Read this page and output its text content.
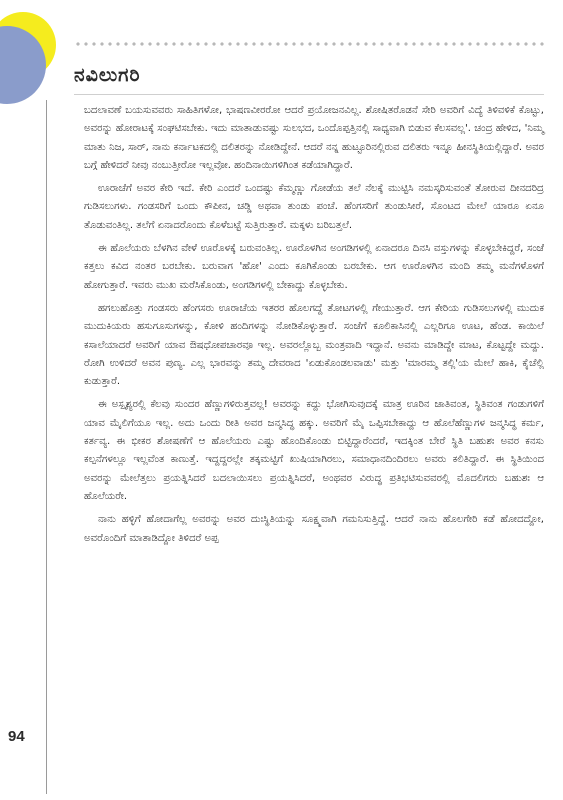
ನವಿಲುಗರಿ
94

ಬದಲಾವಣೆ ಬಯಸುವವರು ಸಾಹಿತಿಗಳೋ, ಭಾಷಣವೀರರೋ ಆದರೆ ಪ್ರಯೋಜನವಿಲ್ಲ. ಶೋಷಿತರೊಡನೆ ಸೇರಿ ಅವರಿಗೆ ವಿದ್ಯೆ ತಿಳಿವಳಿಕೆ ಕೊಟ್ಟು, ಅವರನ್ನು ಹೋರಾಟಕ್ಕೆ ಸಂಘಟಿಸಬೇಕು. ಇದು ಮಾತಾಡುವಷ್ಟು ಸುಲಭದ, ಒಂದೊಪ್ಪತ್ತಿನಲ್ಲಿ ಸಾಧ್ಯವಾಗಿ ಬಿಡುವ ಕೆಲಸವಲ್ಲ'. ಚಂದ್ರ ಹೇಳಿದ, 'ನಿಮ್ಮ ಮಾತು ನಿಜ, ಸಾರ್, ನಾನು ಕರ್ನಾಟಕದಲ್ಲಿ ದಲಿತರನ್ನು ನೋಡಿದ್ದೇನೆ. ಆದರೆ ನನ್ನ ಹುಟ್ಟೂರಿನಲ್ಲಿರುವ ದಲಿತರು ಇನ್ನೂ ಹೀನಸ್ಥಿತಿಯಲ್ಲಿದ್ದಾರೆ. ಅವರ ಬಗ್ಗೆ ಹೇಳಿದರೆ ನೀವು ನಂಬುತ್ತೀರೋ ಇಲ್ಲವೋ. ಹಂದಿನಾಯಿಗಳಿಗಿಂತ ಕಡೆಯಾಗಿದ್ದಾರೆ.

ಊರಾಚೆಗೆ ಅವರ ಕೇರಿ ಇದೆ. ಕೇರಿ ಎಂದರೆ ಒಂದಷ್ಟು ಕೆಮ್ಮಣ್ಣು ಗೋಡೆಯ ತಲೆ ನೆಲಕ್ಕೆ ಮುಟ್ಟಿಸಿ ನಮಸ್ಕರಿಸುವಂತೆ ತೋರುವ ದೀನದರಿದ್ರ ಗುಡಿಸಲುಗಳು. ಗಂಡಸರಿಗೆ ಒಂದು ಕೌಪೀನ, ಚಡ್ಡಿ ಅಥವಾ ತುಂಡು ಪಂಚೆ. ಹೆಂಗಸರಿಗೆ ತುಂಡುಸೀರೆ, ಸೊಂಟದ ಮೇಲೆ ಯಾರೂ ಏನೂ ತೊಡುವಂತಿಲ್ಲ. ತಲೆಗೆ ಏನಾದರೊಂದು ಕೊಳೆಬಟ್ಟೆ ಸುತ್ತಿರುತ್ತಾರೆ. ಮಕ್ಕಳು ಬರಿಬತ್ತಲೆ.

ಈ ಹೊಲೆಯರು ಬೆಳಗಿನ ವೇಳೆ ಊರೊಳಕ್ಕೆ ಬರುವಂತಿಲ್ಲ. ಊರೊಳಗಿನ ಅಂಗಡಿಗಳಲ್ಲಿ ಏನಾದರೂ ದಿನಸಿ ವಸ್ತುಗಳನ್ನು ಕೊಳ್ಳಬೇಕಿದ್ದರೆ, ಸಂಜೆ ಕತ್ತಲು ಕವಿದ ನಂತರ ಬರಬೇಕು. ಬರುವಾಗ 'ಹೋ' ಎಂದು ಕೂಗಿಕೊಂಡು ಬರಬೇಕು. ಆಗ ಊರೊಳಗಿನ ಮಂದಿ ತಮ್ಮ ಮನೆಗಳೊಳಗೆ ಹೋಗುತ್ತಾರೆ. ಇವರು ಮುಖ ಮರೆಸಿಕೊಂಡು, ಅಂಗಡಿಗಳಲ್ಲಿ ಬೇಕಾದ್ದು ಕೊಳ್ಳಬೇಕು.

ಹಗಲುಹೊತ್ತು ಗಂಡಸರು ಹೆಂಗಸರು ಊರಾಚೆಯ ಇತರರ ಹೊಲಗದ್ದೆ ತೋಟಗಳಲ್ಲಿ ಗೇಯುತ್ತಾರೆ. ಆಗ ಕೇರಿಯ ಗುಡಿಸಲುಗಳಲ್ಲಿ ಮುದುಕ ಮುದುಕಿಯರು ಹಸುಗೂಸುಗಳನ್ನು, ಕೋಳಿ ಹಂದಿಗಳನ್ನು ನೋಡಿಕೊಳ್ಳುತ್ತಾರೆ. ಸಂಜೆಗೆ ಕೂಲಿಕಾಸಿನಲ್ಲಿ ಎಲ್ಲರಿಗೂ ಊಟ, ಹೆಂಡ. ಕಾಯಿಲೆ ಕಸಾಲೆಯಾದರೆ ಅವರಿಗೆ ಯಾವ ಔಷಧೋಪಚಾರವೂ ಇಲ್ಲ. ಅವರಲ್ಲೊಬ್ಬ ಮಂತ್ರವಾದಿ ಇದ್ದಾನೆ. ಅವನು ಮಾಡಿದ್ದೇ ಮಾಟ, ಕೊಟ್ಟದ್ದೇ ಮದ್ದು. ರೋಗಿ ಉಳಿದರೆ ಅವನ ಪುಣ್ಯ. ಎಲ್ಲ ಭಾರವನ್ನು ತಮ್ಮ ದೇವರಾದ 'ಏಡುಕೊಂಡಲವಾಡು' ಮತ್ತು 'ಮಾರಮ್ಮ ತಲ್ಲಿ'ಯ ಮೇಲೆ ಹಾಕಿ, ಕೈಚೆಲ್ಲಿ ಕುಡುತ್ತಾರೆ.

ಈ ಅಸ್ಪೃಶ್ಯರಲ್ಲಿ ಕೆಲವು ಸುಂದರ ಹೆಣ್ಣುಗಳಿರುತ್ತವಲ್ಲ! ಅವರನ್ನು ಕದ್ದು ಭೋಗಿಸುವುದಕ್ಕೆ ಮಾತ್ರ ಊರಿನ ಜಾತಿವಂತ, ಸ್ಥಿತಿವಂತ ಗಂಡುಗಳಿಗೆ ಯಾವ ಮೈಲಿಗೆಯೂ ಇಲ್ಲ. ಅದು ಒಂದು ರೀತಿ ಅವರ ಜನ್ಮಸಿದ್ಧ ಹಕ್ಕು. ಅವರಿಗೆ ಮೈ ಒಪ್ಪಿಸಬೇಕಾದ್ದು ಆ ಹೊಲೆಹೆಣ್ಣುಗಳ ಜನ್ಮಸಿದ್ಧ ಕರ್ಮ, ಕರ್ತವ್ಯ. ಈ ಭೀಕರ ಶೋಷಣೆಗೆ ಆ ಹೊಲೆಯರು ಎಷ್ಟು ಹೊಂದಿಕೊಂಡು ಬಿಟ್ಟಿದ್ದಾರೆಂದರೆ, ಇದಕ್ಕಿಂತ ಬೇರೆ ಸ್ಥಿತಿ ಬಹುಶಃ ಅವರ ಕನಸು ಕಲ್ಪನೆಗಳಲ್ಲೂ ಇಲ್ಲವೆಂತ ಕಾಣುತ್ತೆ. ಇದ್ದದ್ದರಲ್ಲೇ ತಕ್ಕಮಟ್ಟಿಗೆ ಖುಷಿಯಾಗಿರಲು, ಸಮಾಧಾನದಿಂದಿರಲು ಅವರು ಕಲಿತಿದ್ದಾರೆ. ಈ ಸ್ಥಿತಿಯಿಂದ ಅವರನ್ನು ಮೇಲೆತ್ತಲು ಪ್ರಯತ್ನಿಸಿದರೆ ಬದಲಾಯಿಸಲು ಪ್ರಯತ್ನಿಸಿದರೆ, ಅಂಥವರ ವಿರುದ್ಧ ಪ್ರತಿಭಟಿಸುವವರಲ್ಲಿ ಮೊದಲಿಗರು ಬಹುಶಃ ಆ ಹೊಲೆಯರೇ.

ನಾನು ಹಳ್ಳಿಗೆ ಹೋದಾಗೆಲ್ಲ ಅವರನ್ನು ಅವರ ದುಃಸ್ಥಿತಿಯನ್ನು ಸೂಕ್ಷ್ಮವಾಗಿ ಗಮನಿಸುತ್ತಿದ್ದೆ. ಆದರೆ ನಾನು ಹೊಲಗೇರಿ ಕಡೆ ಹೋದದ್ದೋ, ಅವರೊಂದಿಗೆ ಮಾತಾಡಿದ್ದೋ ತಿಳಿದರೆ ಅಪ್ಪ
